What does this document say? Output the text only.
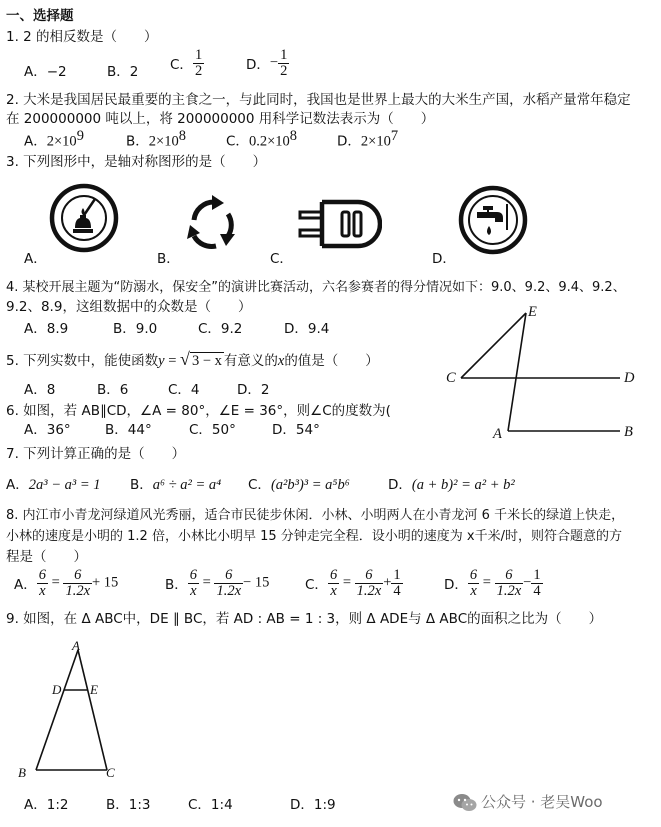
一、选择题
1. 2 的相反数是（　　）
A．−2	B．2 C． $\frac{1}{2}$	D．− $\frac{1}{2}$
2. 大米是我国居民最重要的主食之一，与此同时，我国也是世界上最大的大米生产国，水稻产量常年稳定
在 200000000 吨以上，将 200000000 用科学记数法表示为（　　）
A．$2\times 10^9$	B．$2\times 10^8$	C．$0.2\times 10^8$	D．$2\times 10^7$
3. 下列图形中，是轴对称图形的是（　　）
A．	B．	C．	D．
4. 某校开展主题为“防溺水，保安全”的演讲比赛活动，六名参赛者的得分情况如下：9.0、9.2、9.4、9.2、
9.2、8.9，这组数据中的众数是（　　）
A．8.9	B．9.0	C．9.2	D．9.4
5. 下列实数中，能使函数y = √ 3 − x 有意义的x的值是（　　）
A．8	B．6	C．4	D．2
6. 如图，若 AB∥CD，∠A = 80°，∠E = 36°，则∠C的度数为(
A．36°	B．44°	C．50°	D．54°
E
C	D
A	B
7. 下列计算正确的是（　　）
A．2a³ − a³ = 1 B．a⁶ ÷ a² = a⁴ C．(a²b³)³ = a⁵b⁶	D．(a + b)² = a² + b²
8. 内江市小青龙河绿道风光秀丽，适合市民徒步休闲．小林、小明两人在小青龙河 6 千米长的绿道上快走，
小林的速度是小明的 1.2 倍，小林比小明早 15 分钟走完全程．设小明的速度为 x千米/时，则符合题意的方
程是（　　）
A． $\frac{6}{x} = \frac{6}{1.2x} + 15$	B． $\frac{6}{x} = \frac{6}{1.2x} - 15$	C． $\frac{6}{x} = \frac{6}{1.2x} + \frac{1}{4}$	D． $\frac{6}{x} = \frac{6}{1.2x} - \frac{1}{4}$
9. 如图，在 Δ ABC中，DE ∥ BC，若 AD : AB = 1 : 3，则 Δ ADE与 Δ ABC的面积之比为（　　）
A
D E
B	C
A．1:2	B．1:3	C．1:4	D．1:9	公众号 · 老吴Woo
